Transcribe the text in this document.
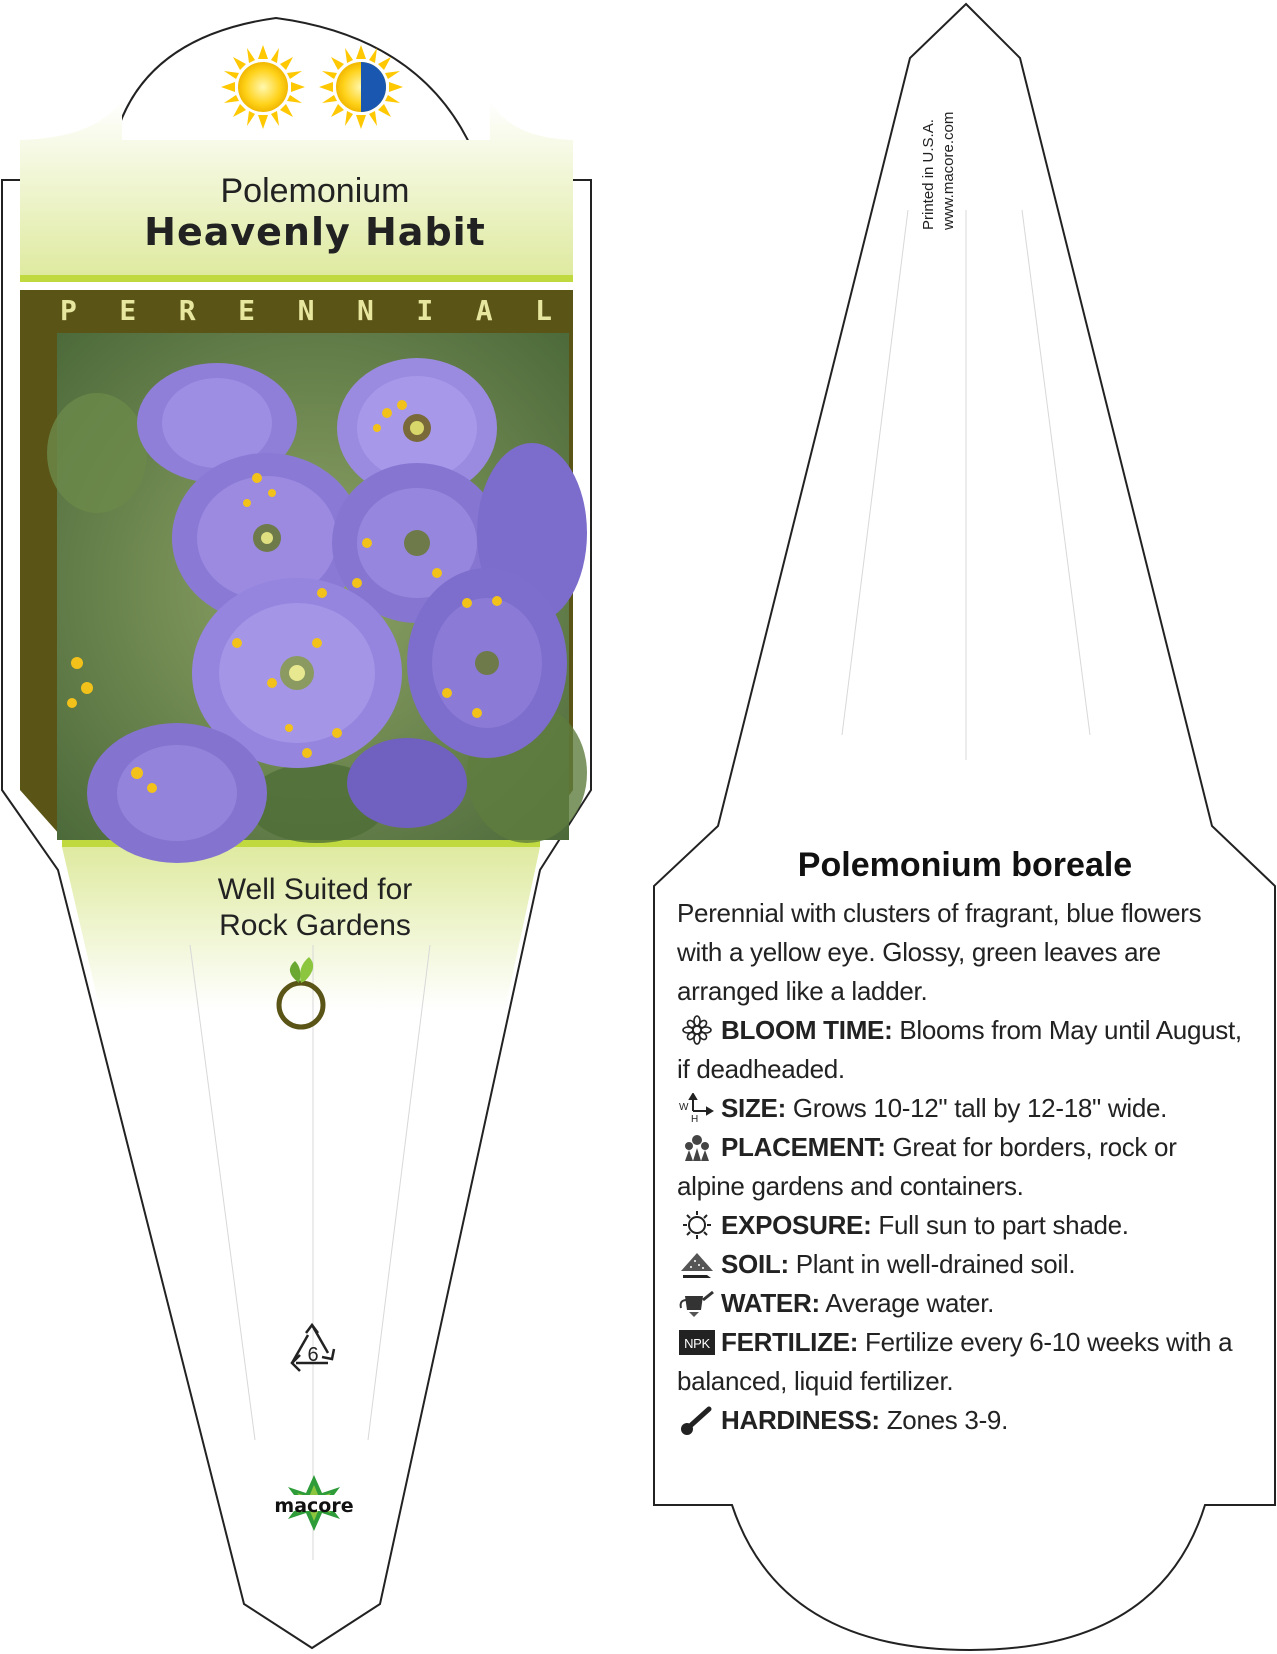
Polemonium
Heavenly Habit
P E R E N N I A L
Well Suited for
Rock Gardens
6
macore
Printed in U.S.A. www.macore.com
Polemonium boreale

Perennial with clusters of fragrant, blue flowers with a yellow eye. Glossy, green leaves are arranged like a ladder.

BLOOM TIME: Blooms from May until August, if deadheaded.
W
H SIZE: Grows 10-12" tall by 12-18" wide.
PLACEMENT: Great for borders, rock or alpine gardens and containers.
EXPOSURE: Full sun to part shade.
SOIL: Plant in well-drained soil.
WATER: Average water.
NPK FERTILIZE: Fertilize every 6-10 weeks with a balanced, liquid fertilizer.
HARDINESS: Zones 3-9.
